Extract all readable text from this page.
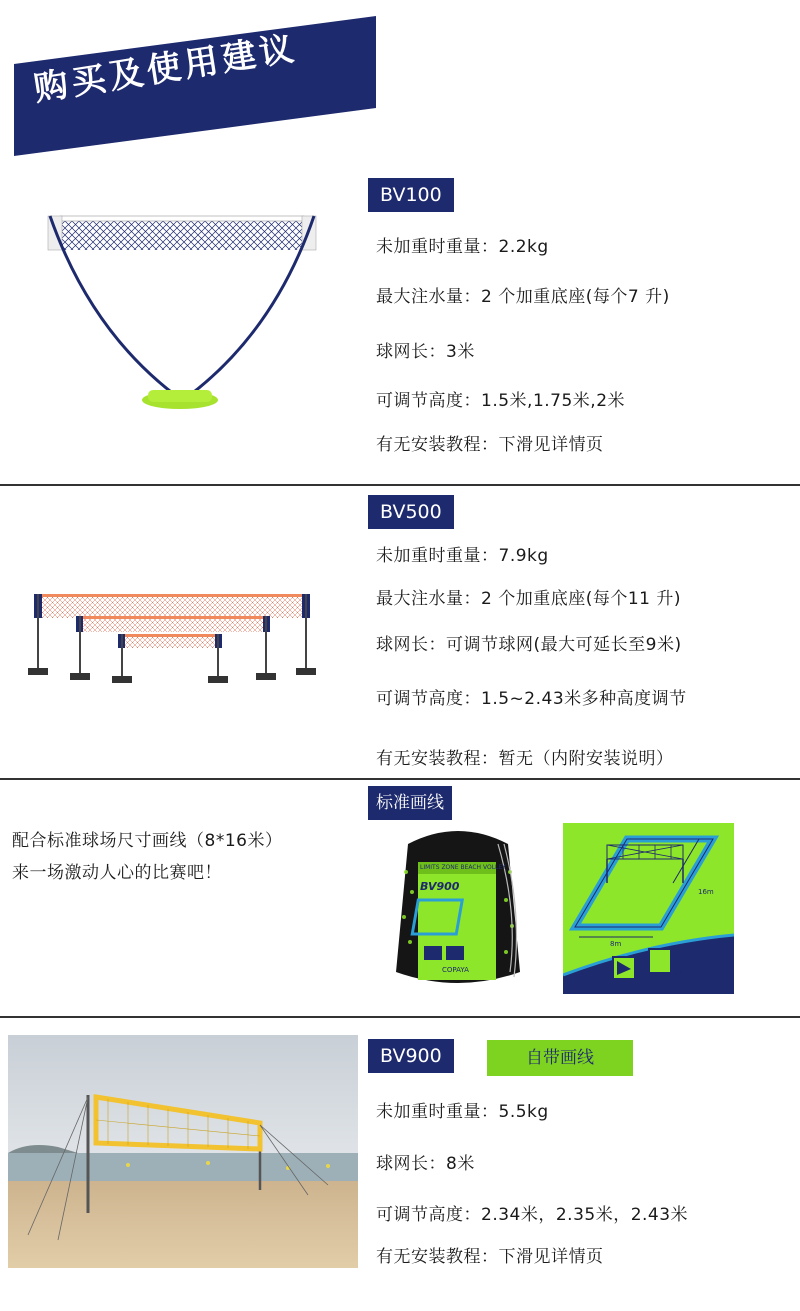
购买及使用建议
BV100
未加重时重量：2.2kg
最大注水量：2 个加重底座(每个7 升)
球网长：3米
可调节高度：1.5米,1.75米,2米
有无安装教程：下滑见详情页
BV500
未加重时重量：7.9kg
最大注水量：2 个加重底座(每个11 升)
球网长：可调节球网(最大可延长至9米)
可调节高度：1.5~2.43米多种高度调节
有无安装教程：暂无（内附安装说明）
标准画线
配合标准球场尺寸画线（8*16米）
来一场激动人心的比赛吧！	LIMITS ZONE BEACH VOLLEY
BV900
COPAYA
8m
16m
x4
BV900	自带画线
未加重时重量：5.5kg
球网长：8米
可调节高度：2.34米，2.35米，2.43米
有无安装教程：下滑见详情页
